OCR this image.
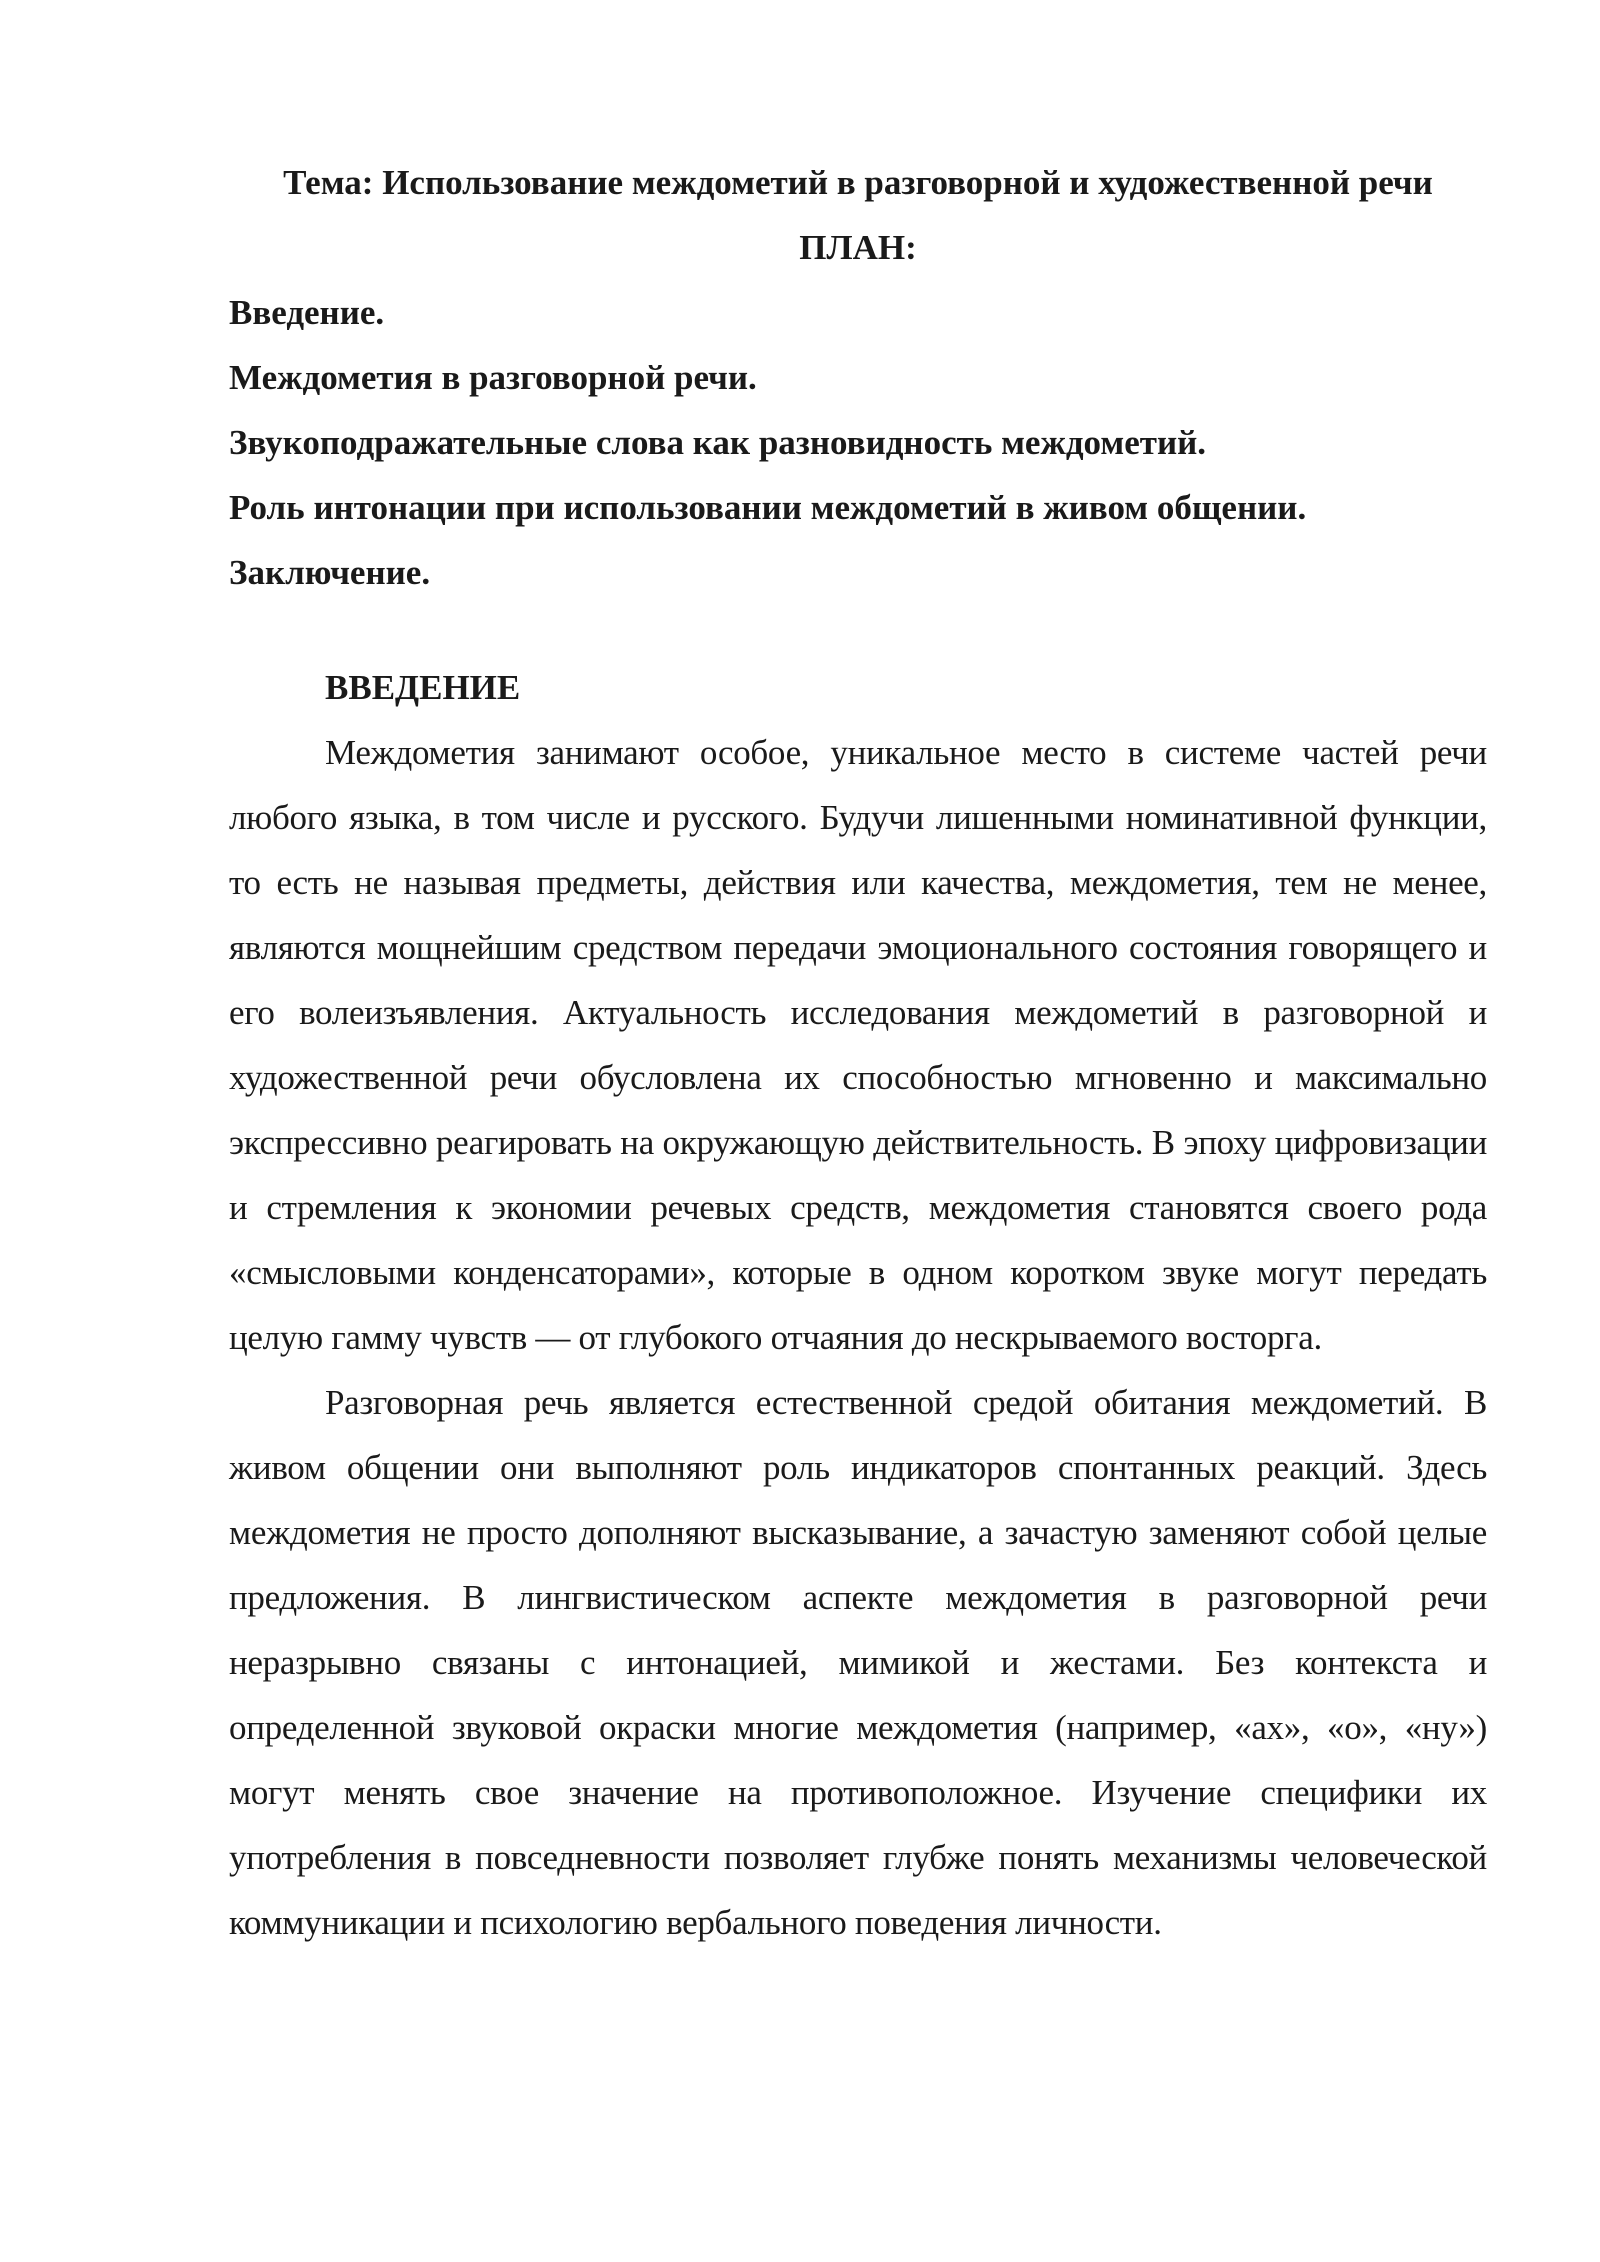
Тема: Использование междометий в разговорной и художественной речи
ПЛАН:
Введение.
Междометия в разговорной речи.
Звукоподражательные слова как разновидность междометий.
Роль интонации при использовании междометий в живом общении.
Заключение.
ВВЕДЕНИЕ

Междометия занимают особое, уникальное место в системе частей речи любого языка, в том числе и русского. Будучи лишенными номинативной функции, то есть не называя предметы, действия или качества, междометия, тем не менее, являются мощнейшим средством передачи эмоционального состояния говорящего и его волеизъявления. Актуальность исследования междометий в разговорной и художественной речи обусловлена их способностью мгновенно и максимально экспрессивно реагировать на окружающую действительность. В эпоху цифровизации и стремления к экономии речевых средств, междометия становятся своего рода «смысловыми конденсаторами», которые в одном коротком звуке могут передать целую гамму чувств — от глубокого отчаяния до нескрываемого восторга.

Разговорная речь является естественной средой обитания междометий. В живом общении они выполняют роль индикаторов спонтанных реакций. Здесь междометия не просто дополняют высказывание, а зачастую заменяют собой целые предложения. В лингвистическом аспекте междометия в разговорной речи неразрывно связаны с интонацией, мимикой и жестами. Без контекста и определенной звуковой окраски многие междометия (например, «ах», «о», «ну») могут менять свое значение на противоположное. Изучение специфики их употребления в повседневности позволяет глубже понять механизмы человеческой коммуникации и психологию вербального поведения личности.
